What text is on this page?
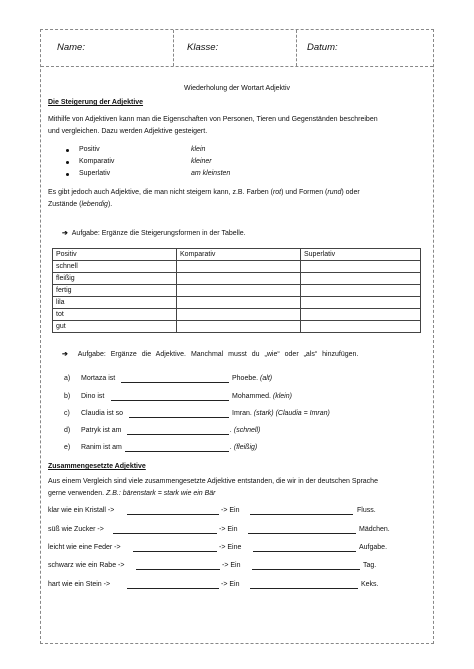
Name:	Klasse:	Datum:
Wiederholung der Wortart Adjektiv
Die Steigerung der Adjektive
Mithilfe von Adjektiven kann man die Eigenschaften von Personen, Tieren und Gegenständen beschreiben
und vergleichen. Dazu werden Adjektive gesteigert.
Positiv	klein
Komparativ	kleiner
Superlativ	am kleinsten
Es gibt jedoch auch Adjektive, die man nicht steigern kann, z.B. Farben (rot) und Formen (rund) oder
Zustände (lebendig).
➔ Aufgabe: Ergänze die Steigerungsformen in der Tabelle.
Positiv	Komparativ	Superlativ
schnell		
fleißig		
fertig		
lila		
tot		
gut		
➔ Aufgabe: Ergänze die Adjektive. Manchmal musst du „wie“ oder „als“ hinzufügen.
a) Mortaza ist	Phoebe. (alt)
b) Dino ist	Mohammed. (klein)
c) Claudia ist so	Imran. (stark) (Claudia = Imran)
d) Patryk ist am	. (schnell)
e) Ranim ist am	. (fleißig)
Zusammengesetzte Adjektive
Aus einem Vergleich sind viele zusammengesetzte Adjektive entstanden, die wir in der deutschen Sprache
gerne verwenden. Z.B.: bärenstark = stark wie ein Bär
klar wie ein Kristall ->	-> Ein	Fluss.
süß wie Zucker ->	-> Ein	Mädchen.
leicht wie eine Feder ->	-> Eine	Aufgabe.
schwarz wie ein Rabe ->	-> Ein	Tag.
hart wie ein Stein ->	-> Ein	Keks.
